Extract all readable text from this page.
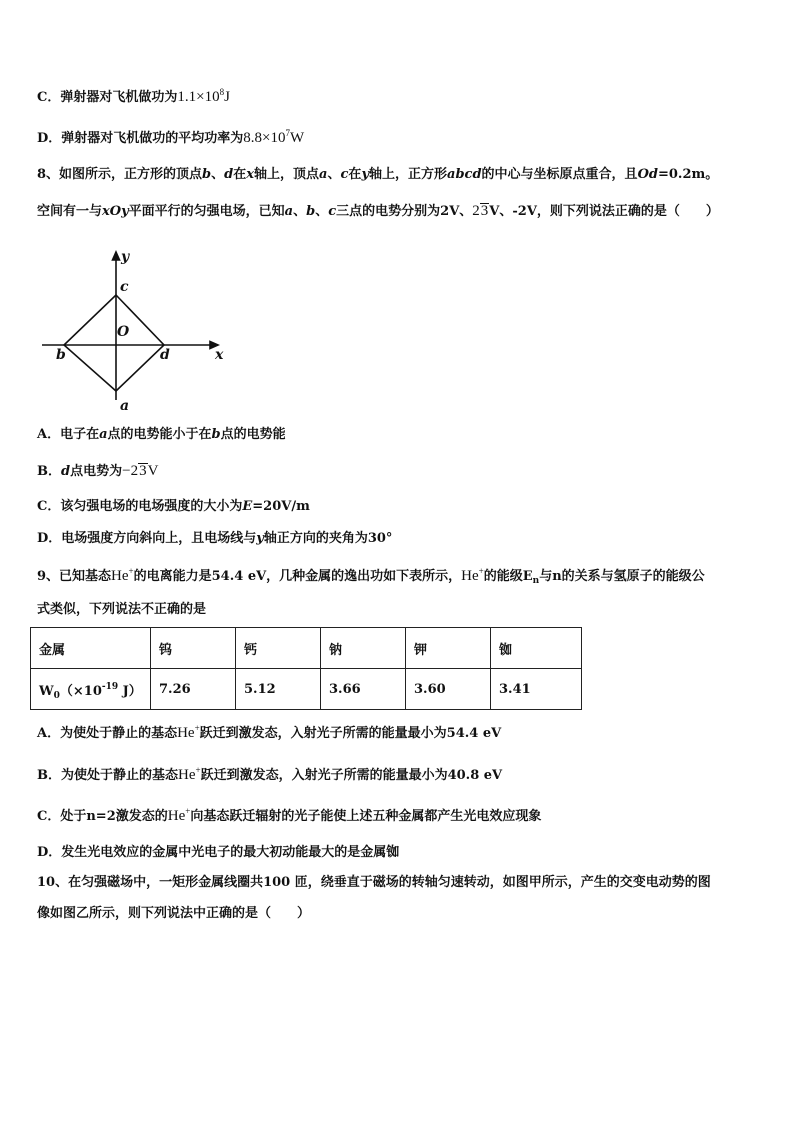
C．弹射器对飞机做功为$1.1\times 10^8J$
D．弹射器对飞机做功的平均功率为$8.8\times 10^7W$
8、如图所示，正方形的顶点b、d在x轴上，顶点a、c在y轴上，正方形abcd的中心与坐标原点重合，且Od=0.2m。
空间有一与xOy平面平行的匀强电场，已知a、b、c三点的电势分别为2V、23V、-2V，则下列说法正确的是（　　）
y
c
O
b	d	x
a
A．电子在a点的电势能小于在b点的电势能
B．d点电势为−23V
C．该匀强电场的电场强度的大小为E=20V/m
D．电场强度方向斜向上，且电场线与y轴正方向的夹角为30°
9、已知基态He+的电离能力是54.4 eV，几种金属的逸出功如下表所示，He+的能级$E_n$与n的关系与氢原子的能级公
式类似，下列说法不正确的是
金属	钨	钙	钠	钾	铷
$W_0(\times 10^{-19}$ J）	7.26	5.12	3.66	3.60	3.41
A．为使处于静止的基态He+跃迁到激发态，入射光子所需的能量最小为54.4 eV
B．为使处于静止的基态He+跃迁到激发态，入射光子所需的能量最小为40.8 eV
C．处于n=2激发态的He+向基态跃迁辐射的光子能使上述五种金属都产生光电效应现象
D．发生光电效应的金属中光电子的最大初动能最大的是金属铷
10、在匀强磁场中，一矩形金属线圈共100 匝，绕垂直于磁场的转轴匀速转动，如图甲所示，产生的交变电动势的图
像如图乙所示，则下列说法中正确的是（　　）
